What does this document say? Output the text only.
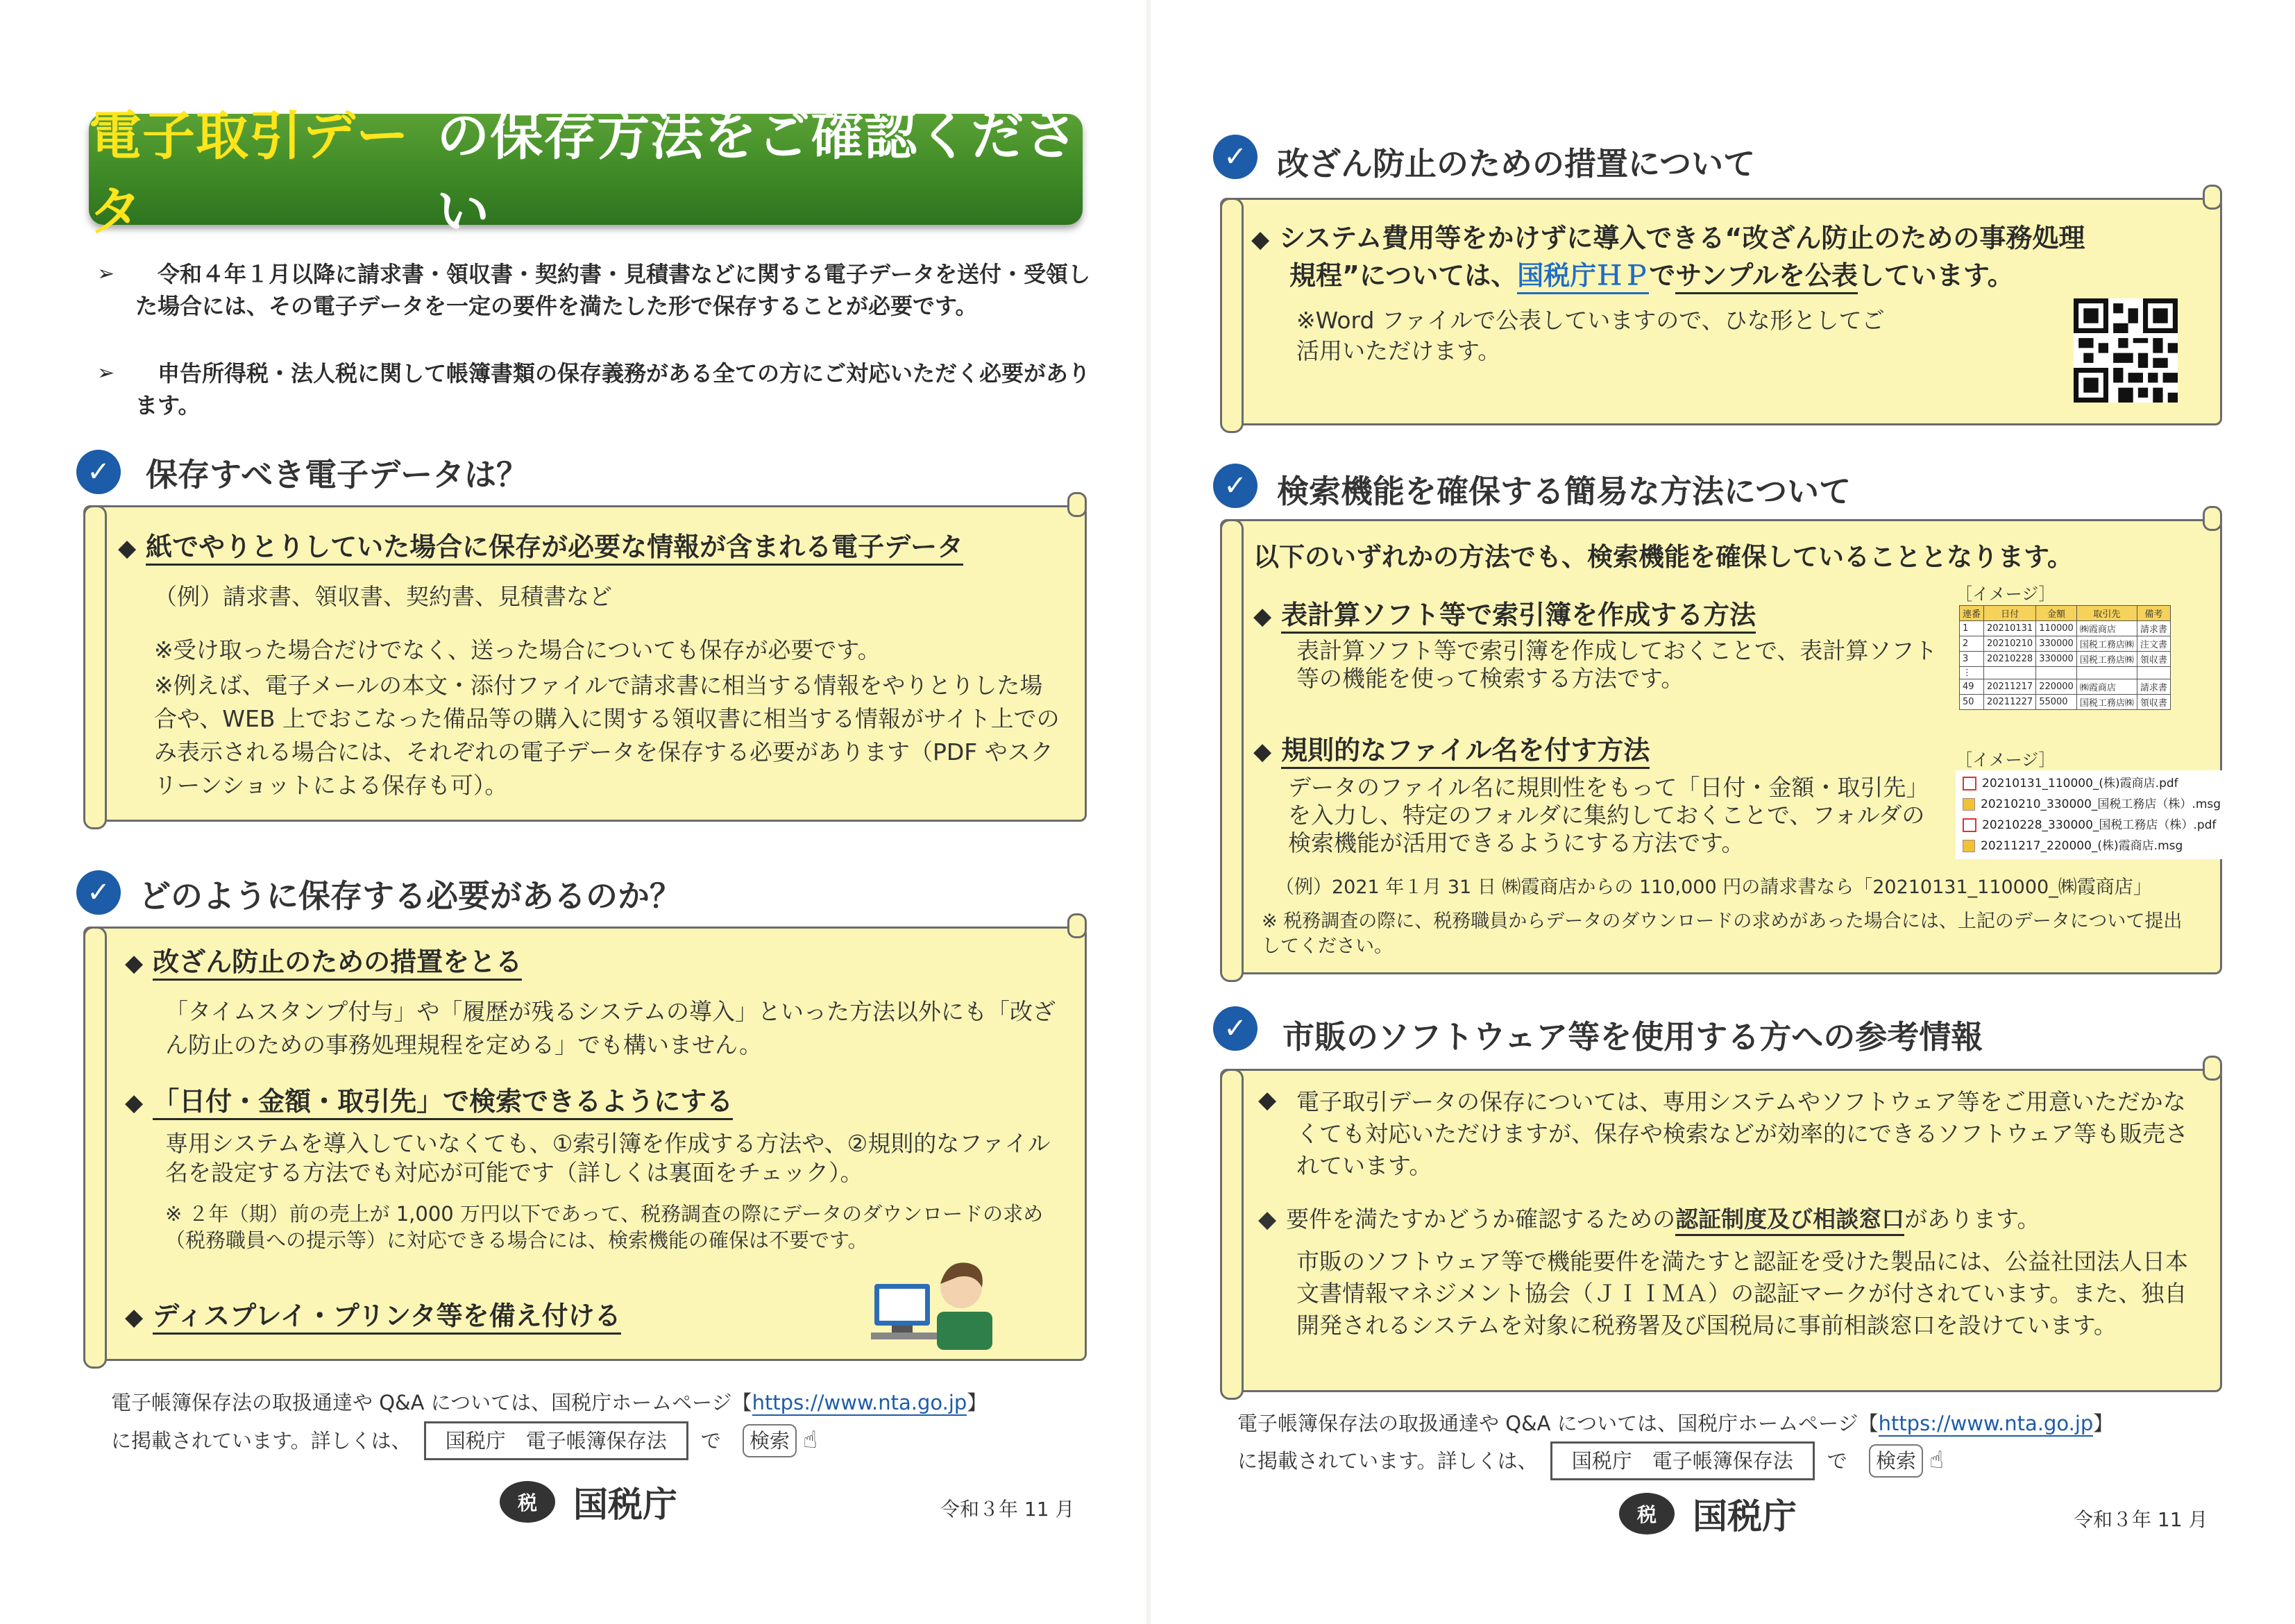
電子取引データ
の保存方法をご確認ください
➢ 　令和４年１月以降に請求書・領収書・契約書・見積書などに関する電子データを送付・受領した場合には、その電子データを一定の要件を満たした形で保存することが必要です。
➢ 　申告所得税・法人税に関して帳簿書類の保存義務がある全ての方にご対応いただく必要があります。
✓	保存すべき電子データは？
◆ 紙でやりとりしていた場合に保存が必要な情報が含まれる電子データ
（例）請求書、領収書、契約書、見積書など
※受け取った場合だけでなく、送った場合についても保存が必要です。
※例えば、電子メールの本文・添付ファイルで請求書に相当する情報をやりとりした場合や、WEB 上でおこなった備品等の購入に関する領収書に相当する情報がサイト上でのみ表示される場合には、それぞれの電子データを保存する必要があります（PDF やスクリーンショットによる保存も可）。
✓ どのように保存する必要があるのか？
◆ 改ざん防止のための措置をとる
「タイムスタンプ付与」や「履歴が残るシステムの導入」といった方法以外にも「改ざん防止のための事務処理規程を定める」でも構いません。
◆ 「日付・金額・取引先」で検索できるようにする
専用システムを導入していなくても、①索引簿を作成する方法や、②規則的なファイル名を設定する方法でも対応が可能です（詳しくは裏面をチェック）。
※ ２年（期）前の売上が 1,000 万円以下であって、税務調査の際にデータのダウンロードの求め（税務職員への提示等）に対応できる場合には、検索機能の確保は不要です。
◆ ディスプレイ・プリンタ等を備え付ける
電子帳簿保存法の取扱通達や Q&A については、国税庁ホームページ【https://www.nta.go.jp】
に掲載されています。詳しくは、 国税庁　電子帳簿保存法 で 検索 ☝
税	国税庁	令和３年 11 月
✓ 改ざん防止のための措置について
◆ システム費用等をかけずに導入できる“改ざん防止のための事務処理
規程”については、国税庁ＨＰでサンプルを公表しています。
※Word ファイルで公表していますので、ひな形としてご活用いただけます。
✓ 検索機能を確保する簡易な方法について
以下のいずれかの方法でも、検索機能を確保していることとなります。
◆ 表計算ソフト等で索引簿を作成する方法
表計算ソフト等で索引簿を作成しておくことで、表計算ソフト等の機能を使って検索する方法です。
［イメージ］
連番	日付	金額	取引先	備考
1	20210131	110000	㈱霞商店	請求書
2	20210210	330000	国税工務店㈱	注文書
3	20210228	330000	国税工務店㈱	領収書
⋮				
49	20211217	220000	㈱霞商店	請求書
50	20211227	55000	国税工務店㈱	領収書
◆ 規則的なファイル名を付す方法
データのファイル名に規則性をもって「日付・金額・取引先」を入力し、特定のフォルダに集約しておくことで、フォルダの検索機能が活用できるようにする方法です。
［イメージ］
20210131_110000_(株)霞商店.pdf
20210210_330000_国税工務店（株）.msg
20210228_330000_国税工務店（株）.pdf
20211217_220000_(株)霞商店.msg
（例）2021 年１月 31 日 ㈱霞商店からの 110,000 円の請求書なら「20210131_110000_㈱霞商店」
※ 税務調査の際に、税務職員からデータのダウンロードの求めがあった場合には、上記のデータについて提出してください。
✓	市販のソフトウェア等を使用する方への参考情報
◆ 電子取引データの保存については、専用システムやソフトウェア等をご用意いただかなくても対応いただけますが、保存や検索などが効率的にできるソフトウェア等も販売されています。
◆ 要件を満たすかどうか確認するための認証制度及び相談窓口があります。
市販のソフトウェア等で機能要件を満たすと認証を受けた製品には、公益社団法人日本文書情報マネジメント協会（ＪＩＩＭＡ）の認証マークが付されています。また、独自開発されるシステムを対象に税務署及び国税局に事前相談窓口を設けています。
電子帳簿保存法の取扱通達や Q&A については、国税庁ホームページ【https://www.nta.go.jp】
に掲載されています。詳しくは、 国税庁　電子帳簿保存法 で 検索 ☝
税	国税庁	令和３年 11 月
